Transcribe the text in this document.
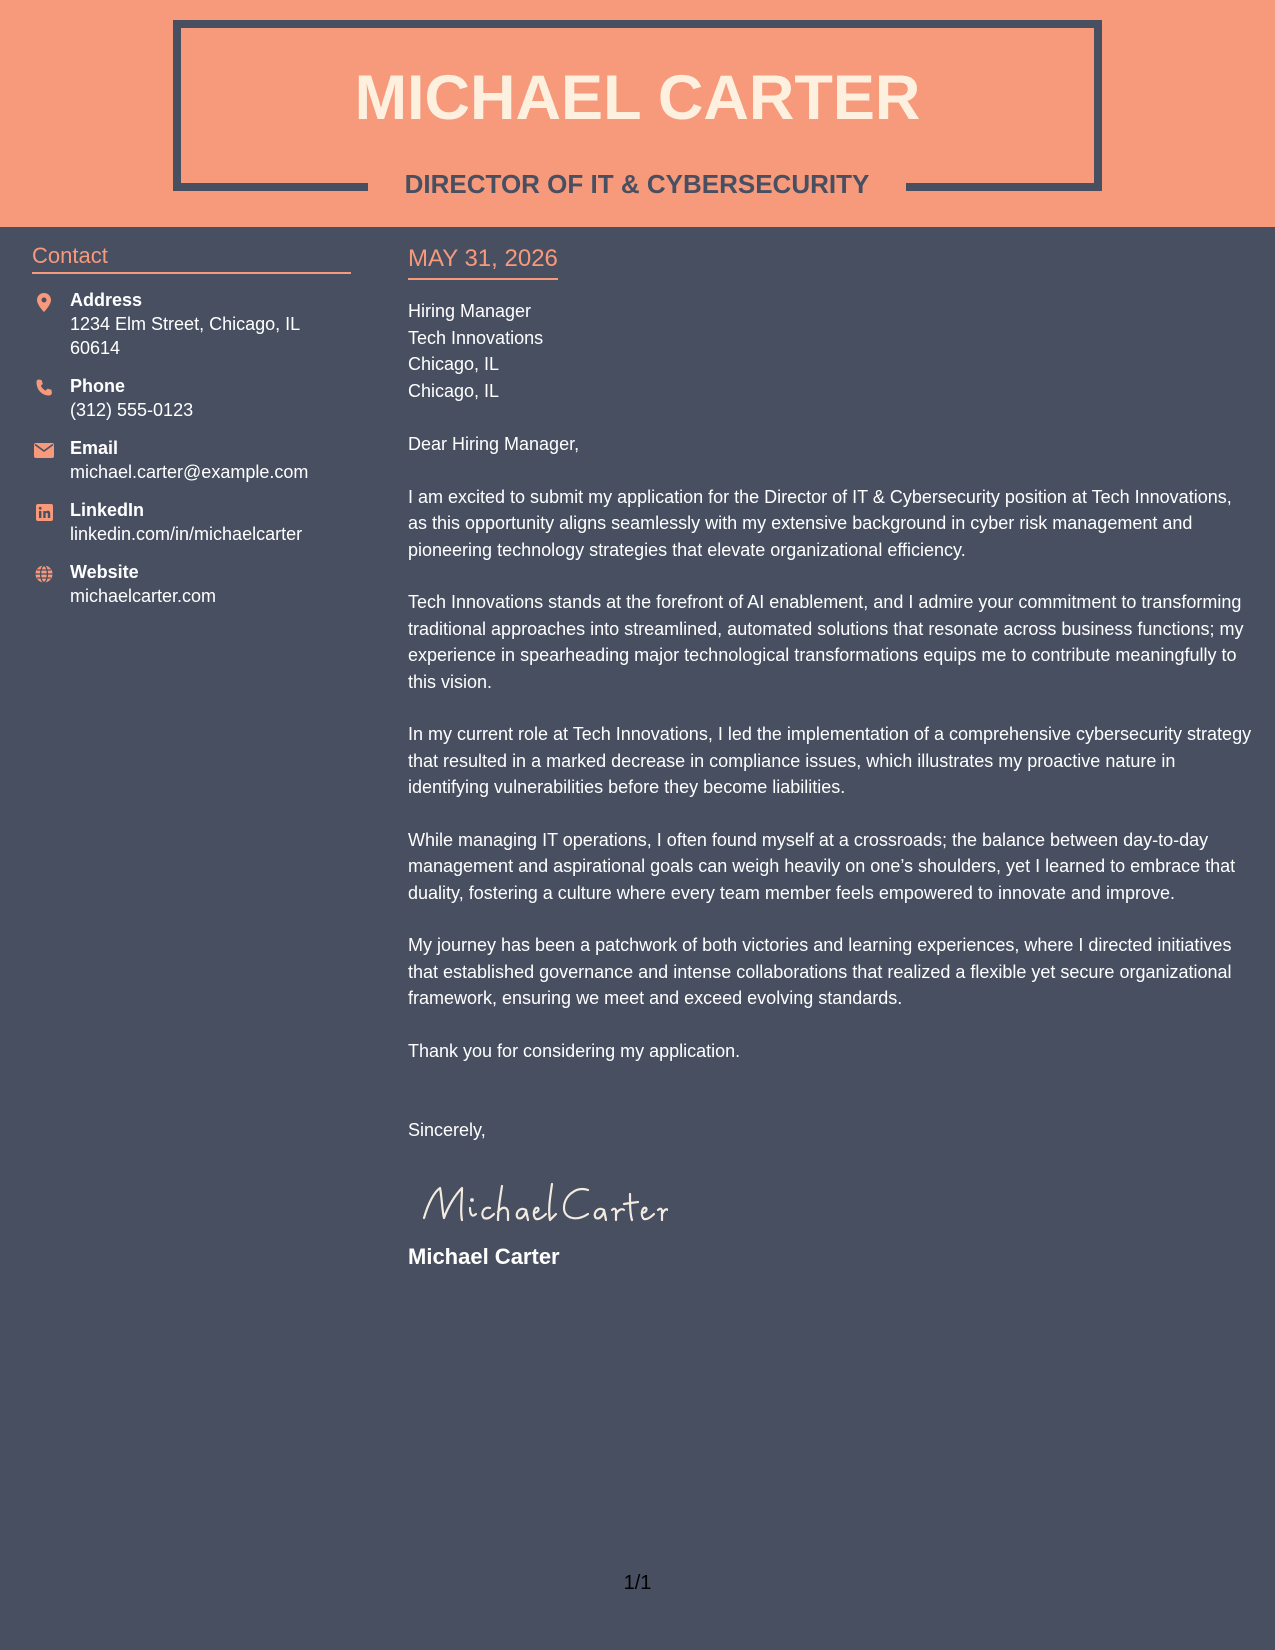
MICHAEL CARTER
DIRECTOR OF IT & CYBERSECURITY
Contact
Address
1234 Elm Street, Chicago, IL 60614
Phone
(312) 555-0123
Email
michael.carter@example.com
LinkedIn
linkedin.com/in/michaelcarter
Website
michaelcarter.com
MAY 31, 2026
Hiring Manager
Tech Innovations
Chicago, IL
Chicago, IL
Dear Hiring Manager,
I am excited to submit my application for the Director of IT & Cybersecurity position at Tech Innovations, as this opportunity aligns seamlessly with my extensive background in cyber risk management and pioneering technology strategies that elevate organizational efficiency.
Tech Innovations stands at the forefront of AI enablement, and I admire your commitment to transforming traditional approaches into streamlined, automated solutions that resonate across business functions; my experience in spearheading major technological transformations equips me to contribute meaningfully to this vision.
In my current role at Tech Innovations, I led the implementation of a comprehensive cybersecurity strategy that resulted in a marked decrease in compliance issues, which illustrates my proactive nature in identifying vulnerabilities before they become liabilities.
While managing IT operations, I often found myself at a crossroads; the balance between day-to-day management and aspirational goals can weigh heavily on one’s shoulders, yet I learned to embrace that duality, fostering a culture where every team member feels empowered to innovate and improve.
My journey has been a patchwork of both victories and learning experiences, where I directed initiatives that established governance and intense collaborations that realized a flexible yet secure organizational framework, ensuring we meet and exceed evolving standards.
Thank you for considering my application.
Sincerely,
Michael Carter
1/1
